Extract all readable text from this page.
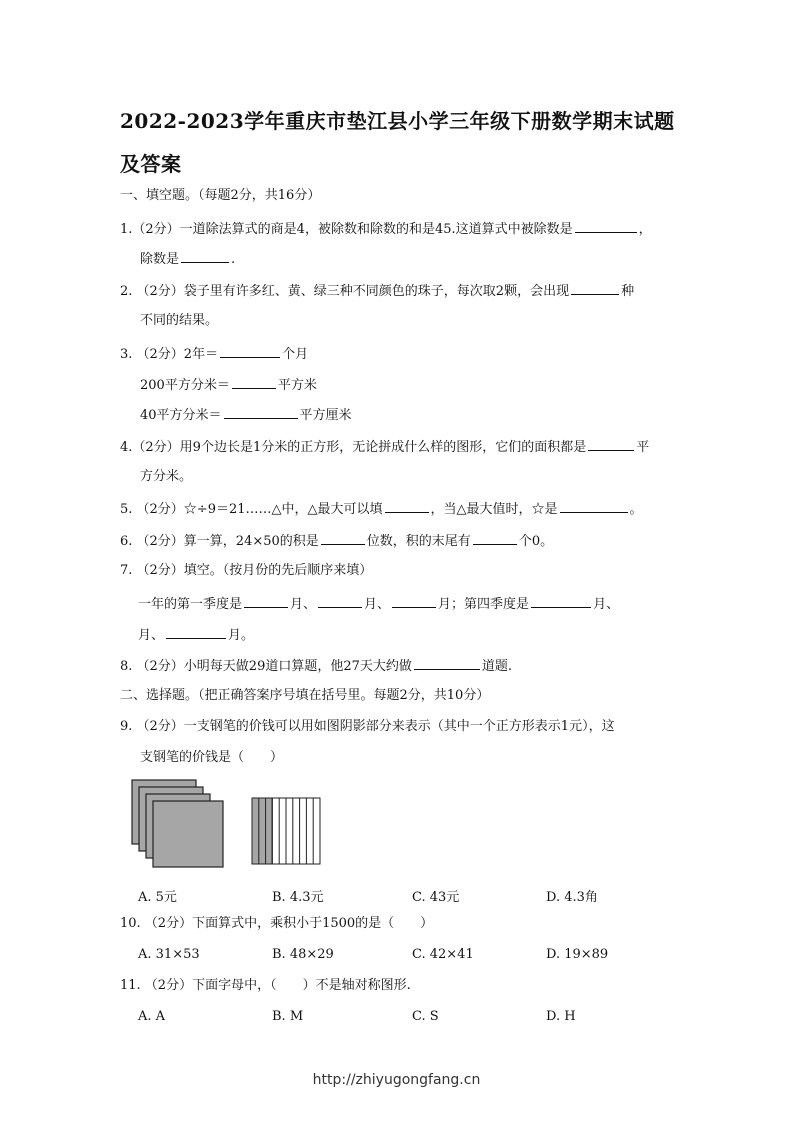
2022-2023学年重庆市垫江县小学三年级下册数学期末试题
及答案
一、填空题。（每题2分，共16分）
1.（2分）一道除法算式的商是4，被除数和除数的和是45.这道算式中被除数是	，
除数是	.
2. （2分）袋子里有许多红、黄、绿三种不同颜色的珠子，每次取2颗，会出现	种
不同的结果。
3. （2分）2年＝	个月
200平方分米＝	平方米
40平方分米＝	平方厘米
4.（2分）用9个边长是1分米的正方形，无论拼成什么样的图形，它们的面积都是	平
方分米。
5. （2分）☆÷9＝21……△中，△最大可以填	，当△最大值时，☆是	。
6. （2分）算一算，24×50的积是	位数，积的末尾有	个0。
7. （2分）填空。（按月份的先后顺序来填）
一年的第一季度是	月、	月、	月；第四季度是	月、
月、	月。
8. （2分）小明每天做29道口算题，他27天大约做	道题.
二、选择题。（把正确答案序号填在括号里。每题2分，共10分）
9. （2分）一支钢笔的价钱可以用如图阴影部分来表示（其中一个正方形表示1元），这
支钢笔的价钱是（　　）
A. 5元	B. 4.3元	C. 43元	D. 4.3角
10. （2分）下面算式中，乘积小于1500的是（　　）
A. 31×53	B. 48×29	C. 42×41	D. 19×89
11. （2分）下面字母中，（　　）不是轴对称图形.
A. A	B. M	C. S	D. H
http://zhiyugongfang.cn
